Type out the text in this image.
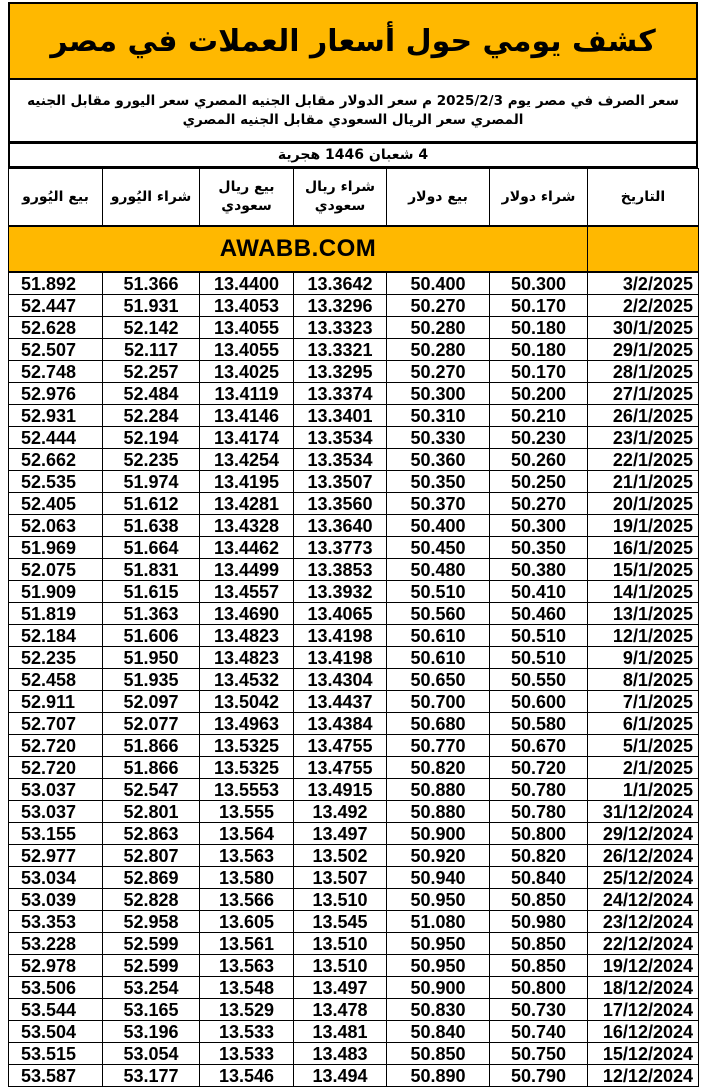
كشف يومي حول أسعار العملات في مصر
سعر الصرف في مصر يوم 2025/2/3 م سعر الدولار مقابل الجنيه المصري سعر اليورو مقابل الجنيه المصري سعر الريال السعودي مقابل الجنيه المصري
4 شعبان 1446 هجرية
بيع اليُورو	شراء اليُورو	بيع ريال سعودي	شراء ريال سعودي	بيع دولار	شراء دولار	التاريخ
AWABB.COM						
51.892	51.366	13.4400	13.3642	50.400	50.300	3/2/2025
52.447	51.931	13.4053	13.3296	50.270	50.170	2/2/2025
52.628	52.142	13.4055	13.3323	50.280	50.180	30/1/2025
52.507	52.117	13.4055	13.3321	50.280	50.180	29/1/2025
52.748	52.257	13.4025	13.3295	50.270	50.170	28/1/2025
52.976	52.484	13.4119	13.3374	50.300	50.200	27/1/2025
52.931	52.284	13.4146	13.3401	50.310	50.210	26/1/2025
52.444	52.194	13.4174	13.3534	50.330	50.230	23/1/2025
52.662	52.235	13.4254	13.3534	50.360	50.260	22/1/2025
52.535	51.974	13.4195	13.3507	50.350	50.250	21/1/2025
52.405	51.612	13.4281	13.3560	50.370	50.270	20/1/2025
52.063	51.638	13.4328	13.3640	50.400	50.300	19/1/2025
51.969	51.664	13.4462	13.3773	50.450	50.350	16/1/2025
52.075	51.831	13.4499	13.3853	50.480	50.380	15/1/2025
51.909	51.615	13.4557	13.3932	50.510	50.410	14/1/2025
51.819	51.363	13.4690	13.4065	50.560	50.460	13/1/2025
52.184	51.606	13.4823	13.4198	50.610	50.510	12/1/2025
52.235	51.950	13.4823	13.4198	50.610	50.510	9/1/2025
52.458	51.935	13.4532	13.4304	50.650	50.550	8/1/2025
52.911	52.097	13.5042	13.4437	50.700	50.600	7/1/2025
52.707	52.077	13.4963	13.4384	50.680	50.580	6/1/2025
52.720	51.866	13.5325	13.4755	50.770	50.670	5/1/2025
52.720	51.866	13.5325	13.4755	50.820	50.720	2/1/2025
53.037	52.547	13.5553	13.4915	50.880	50.780	1/1/2025
53.037	52.801	13.555	13.492	50.880	50.780	31/12/2024
53.155	52.863	13.564	13.497	50.900	50.800	29/12/2024
52.977	52.807	13.563	13.502	50.920	50.820	26/12/2024
53.034	52.869	13.580	13.507	50.940	50.840	25/12/2024
53.039	52.828	13.566	13.510	50.950	50.850	24/12/2024
53.353	52.958	13.605	13.545	51.080	50.980	23/12/2024
53.228	52.599	13.561	13.510	50.950	50.850	22/12/2024
52.978	52.599	13.563	13.510	50.950	50.850	19/12/2024
53.506	53.254	13.548	13.497	50.900	50.800	18/12/2024
53.544	53.165	13.529	13.478	50.830	50.730	17/12/2024
53.504	53.196	13.533	13.481	50.840	50.740	16/12/2024
53.515	53.054	13.533	13.483	50.850	50.750	15/12/2024
53.587	53.177	13.546	13.494	50.890	50.790	12/12/2024
